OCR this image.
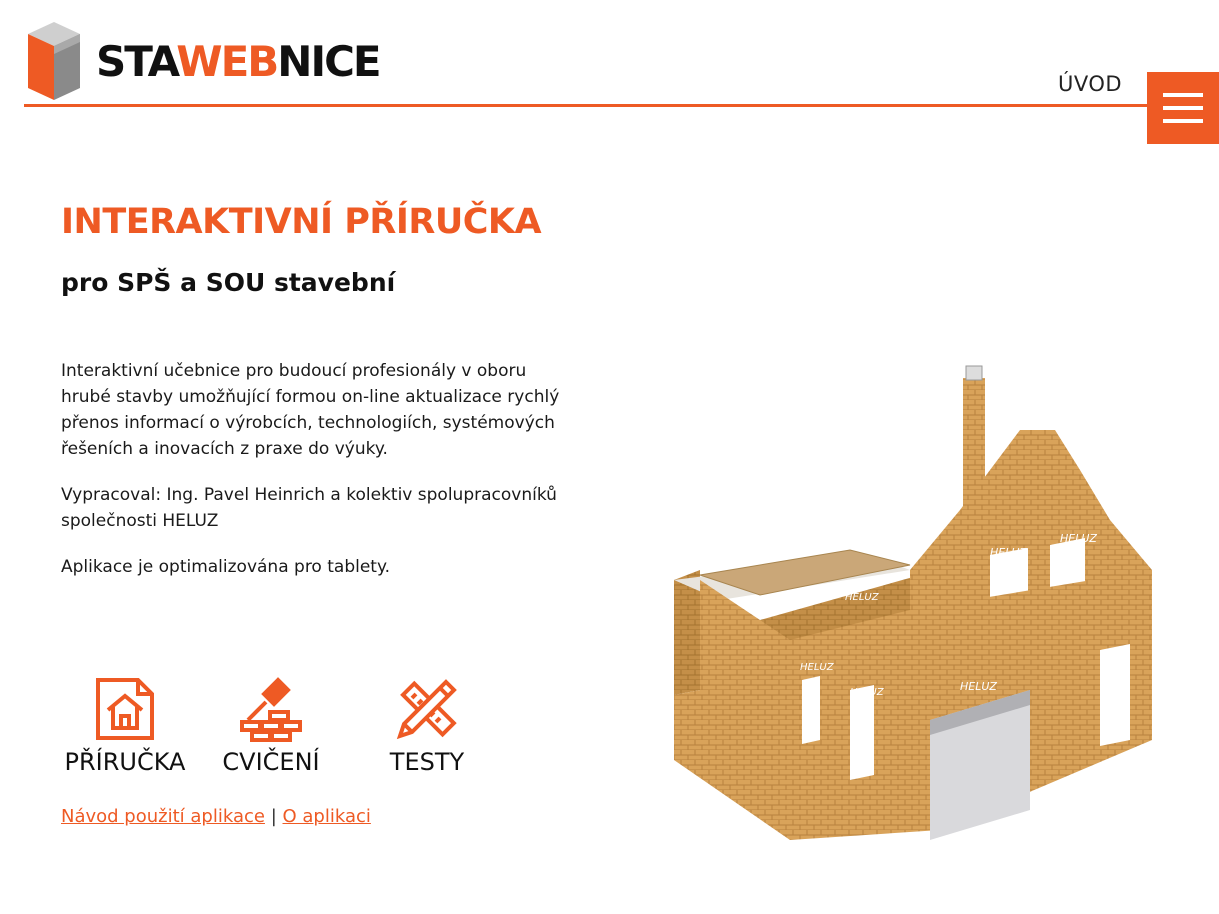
STAWEBNICE	ÚVOD
INTERAKTIVNÍ PŘÍRUČKA
pro SPŠ a SOU stavební

Interaktivní učebnice pro budoucí profesionály v oboru hrubé stavby umožňující formou on-line aktualizace rychlý přenos informací o výrobcích, technologiích, systémových řešeních a inovacích z praxe do výuky.

Vypracoval: Ing. Pavel Heinrich a kolektiv spolupracovníků společnosti HELUZ

Aplikace je optimalizována pro tablety.

PŘÍRUČKA CVIČENÍ	TESTY
Návod použití aplikace | O aplikaci
HELUZ
HELUZ
HELUZ
HELUZ
HELUZ	HELUZ
